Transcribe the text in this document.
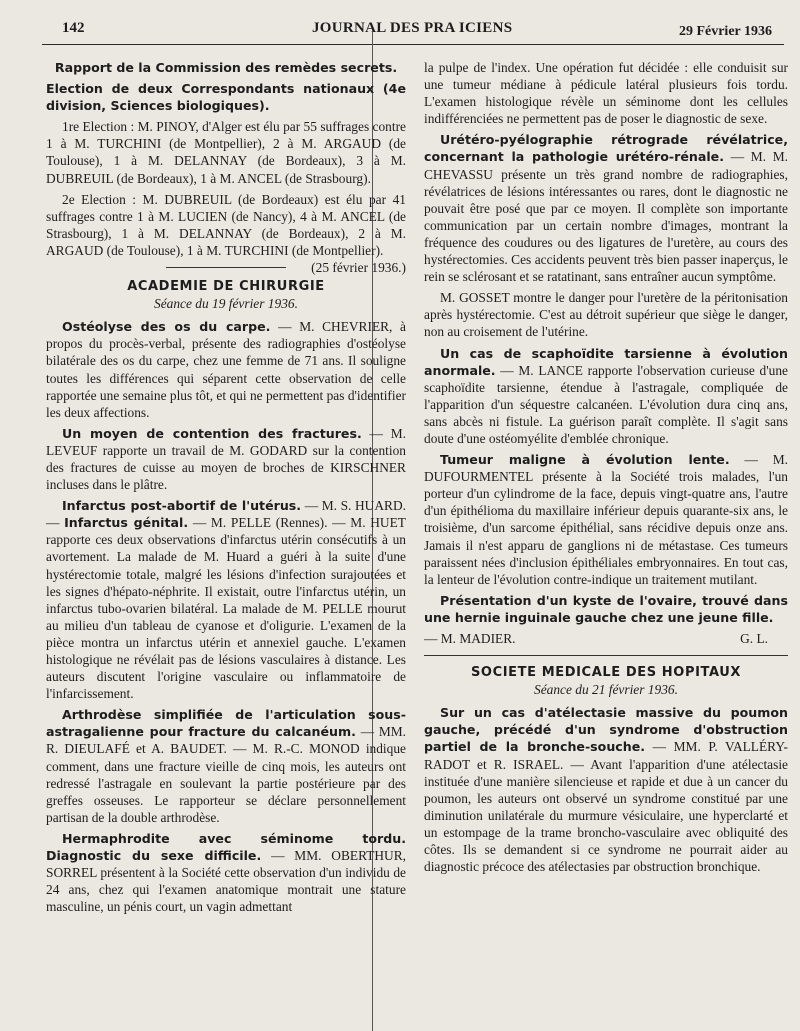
142	JOURNAL DES PRA ICIENS	29 Février 1936

Rapport de la Commission des remèdes secrets.

Election de deux Correspondants nationaux (4e division, Sciences biologiques).

1re Election : M. PINOY, d'Alger est élu par 55 suffrages contre 1 à M. TURCHINI (de Montpellier), 2 à M. ARGAUD (de Toulouse), 1 à M. DELANNAY (de Bordeaux), 3 à M. DUBREUIL (de Bordeaux), 1 à M. ANCEL (de Strasbourg).

2e Election : M. DUBREUIL (de Bordeaux) est élu par 41 suffrages contre 1 à M. LUCIEN (de Nancy), 4 à M. ANCEL (de Strasbourg), 1 à M. DELANNAY (de Bordeaux), 2 à M. ARGAUD (de Toulouse), 1 à M. TURCHINI (de Montpellier).
(25 février 1936.)

ACADEMIE DE CHIRURGIE

Séance du 19 février 1936.

Ostéolyse des os du carpe. — M. CHEVRIER, à propos du procès-verbal, présente des radiographies d'ostéolyse bilatérale des os du carpe, chez une femme de 71 ans. Il souligne toutes les différences qui séparent cette observation de celle rapportée une semaine plus tôt, et qui ne permettent pas d'identifier les deux affections.

Un moyen de contention des fractures. — M. LEVEUF rapporte un travail de M. GODARD sur la contention des fractures de cuisse au moyen de broches de KIRSCHNER incluses dans le plâtre.

Infarctus post-abortif de l'utérus. — M. S. HUARD. — Infarctus génital. — M. PELLE (Rennes). — M. HUET rapporte ces deux observations d'infarctus utérin consécutifs à un avortement. La malade de M. Huard a guéri à la suite d'une hystérectomie totale, malgré les lésions d'infection surajoutées et les signes d'hépato-néphrite. Il existait, outre l'infarctus utérin, un infarctus tubo-ovarien bilatéral. La malade de M. PELLE mourut au milieu d'un tableau de cyanose et d'oligurie. L'examen de la pièce montra un infarctus utérin et annexiel gauche. L'examen histologique ne révélait pas de lésions vasculaires à distance. Les auteurs discutent l'origine vasculaire ou inflammatoire de l'infarcissement.

Arthrodèse simplifiée de l'articulation sous-astragalienne pour fracture du calcanéum. — MM. R. DIEULAFÉ et A. BAUDET. — M. R.-C. MONOD indique comment, dans une fracture vieille de cinq mois, les auteurs ont redressé l'astragale en soulevant la partie postérieure par des greffes osseuses. Le rapporteur se déclare personnellement partisan de la double arthrodèse.

Hermaphrodite avec séminome tordu. Diagnostic du sexe difficile. — MM. OBERTHUR, SORREL présentent à la Société cette observation d'un individu de 24 ans, chez qui l'examen anatomique montrait une stature masculine, un pénis court, un vagin admettant

la pulpe de l'index. Une opération fut décidée : elle conduisit sur une tumeur médiane à pédicule latéral plusieurs fois tordu. L'examen histologique révèle un séminome dont les cellules indifférenciées ne permettent pas de poser le diagnostic de sexe.

Urétéro-pyélographie rétrograde révélatrice, concernant la pathologie urétéro-rénale. — M. M. CHEVASSU présente un très grand nombre de radiographies, révélatrices de lésions intéressantes ou rares, dont le diagnostic ne pouvait être posé que par ce moyen. Il complète son importante communication par un certain nombre d'images, montrant la fréquence des coudures ou des ligatures de l'uretère, au cours des hystérectomies. Ces accidents peuvent très bien passer inaperçus, le rein se sclérosant et se ratatinant, sans entraîner aucun symptôme.

M. GOSSET montre le danger pour l'uretère de la péritonisation après hystérectomie. C'est au détroit supérieur que siège le danger, non au croisement de l'utérine.

Un cas de scaphoïdite tarsienne à évolution anormale. — M. LANCE rapporte l'observation curieuse d'une scaphoïdite tarsienne, étendue à l'astragale, compliquée de l'apparition d'un séquestre calcanéen. L'évolution dura cinq ans, sans abcès ni fistule. La guérison paraît complète. Il s'agit sans doute d'une ostéomyélite d'emblée chronique.

Tumeur maligne à évolution lente. — M. DUFOURMENTEL présente à la Société trois malades, l'un porteur d'un cylindrome de la face, depuis vingt-quatre ans, l'autre d'un épithélioma du maxillaire inférieur depuis quarante-six ans, le troisième, d'un sarcome épithélial, sans récidive depuis onze ans. Jamais il n'est apparu de ganglions ni de métastase. Ces tumeurs paraissent nées d'inclusion épithéliales embryonnaires. En tout cas, la lenteur de l'évolution contre-indique un traitement mutilant.

Présentation d'un kyste de l'ovaire, trouvé dans une hernie inguinale gauche chez une jeune fille.

— M. MADIER.	G. L.
SOCIETE MEDICALE DES HOPITAUX

Séance du 21 février 1936.

Sur un cas d'atélectasie massive du poumon gauche, précédé d'un syndrome d'obstruction partiel de la bronche-souche. — MM. P. VALLÉRY-RADOT et R. ISRAEL. — Avant l'apparition d'une atélectasie instituée d'une manière silencieuse et rapide et due à un cancer du poumon, les auteurs ont observé un syndrome constitué par une diminution unilatérale du murmure vésiculaire, une hyperclarté et un estompage de la trame broncho-vasculaire avec obliquité des côtes. Ils se demandent si ce syndrome ne pourrait aider au diagnostic précoce des atélectasies par obstruction bronchique.
